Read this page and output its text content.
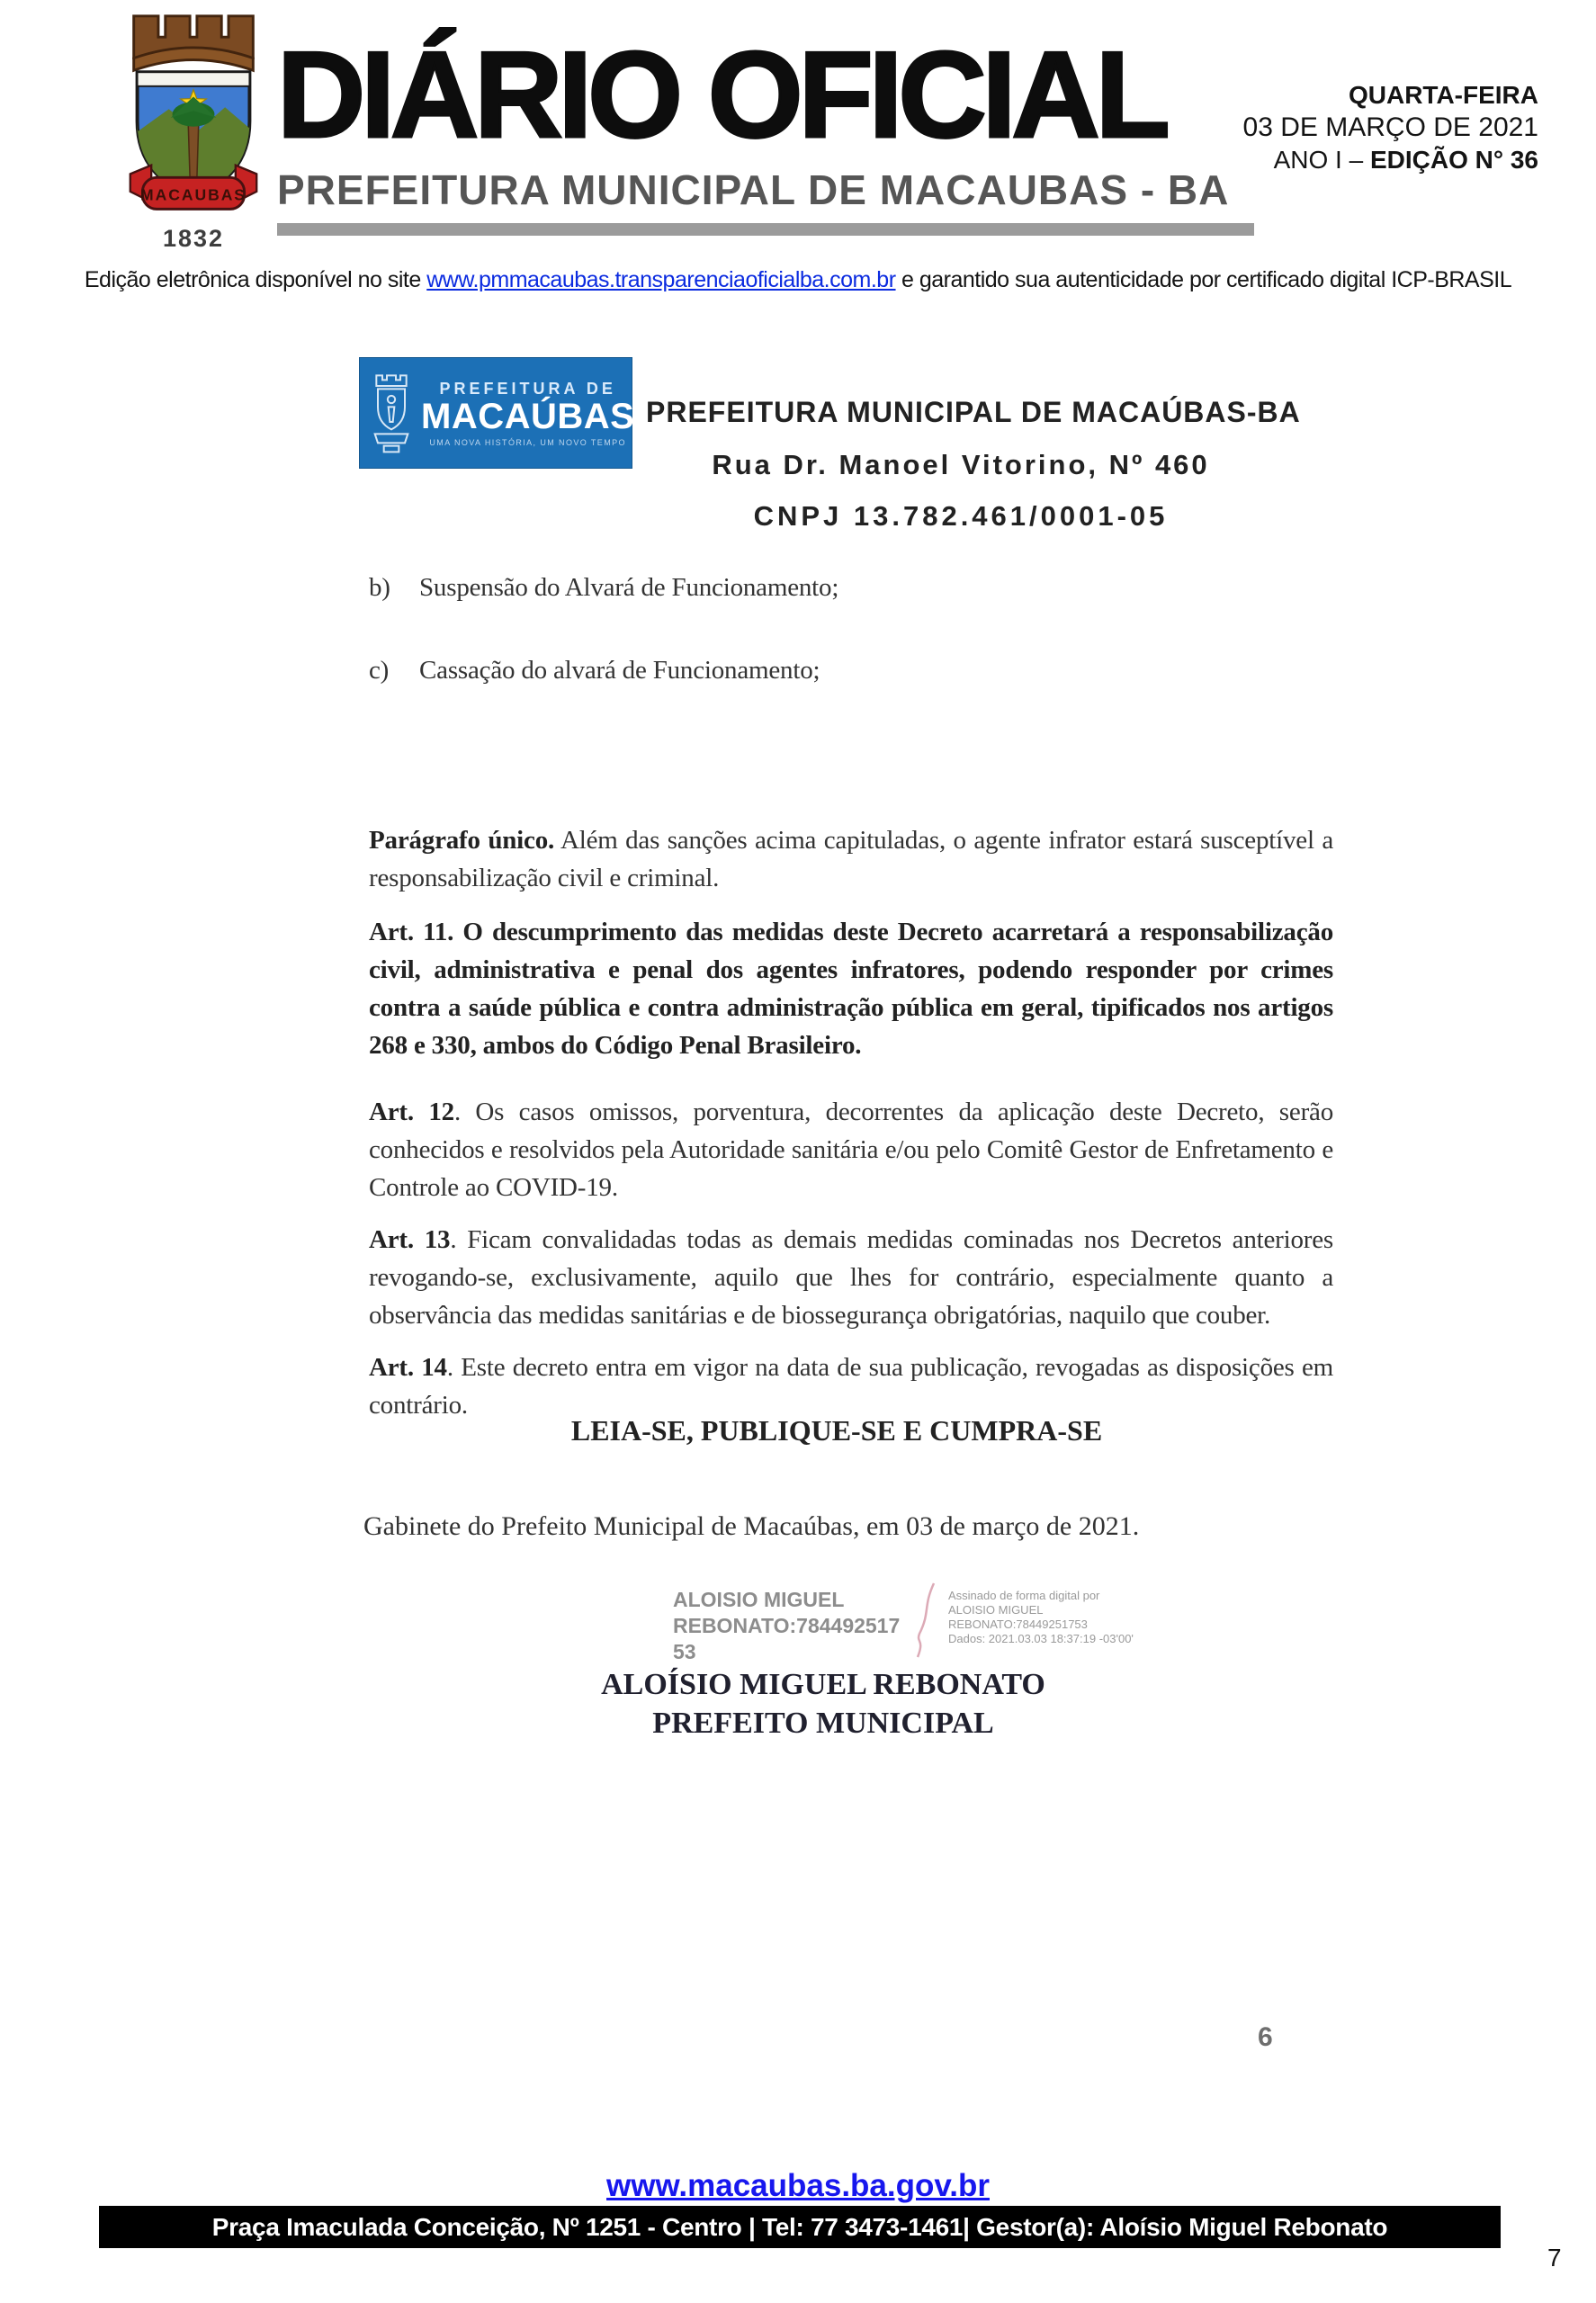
MACAUBAS
1832
DIÁRIO OFICIAL
PREFEITURA MUNICIPAL DE MACAUBAS - BA
QUARTA-FEIRA
03 DE MARÇO DE 2021
ANO I – EDIÇÃO N° 36
Edição eletrônica disponível no site www.pmmacaubas.transparenciaoficialba.com.br e garantido sua autenticidade por certificado digital ICP-BRASIL
PREFEITURA DE
MACAÚBAS
UMA NOVA HISTÓRIA, UM NOVO TEMPO
PREFEITURA MUNICIPAL DE MACAÚBAS-BA
Rua Dr. Manoel Vitorino, Nº 460
CNPJ 13.782.461/0001-05
b)	Suspensão do Alvará de Funcionamento;
c)	Cassação do alvará de Funcionamento;

Parágrafo único. Além das sanções acima capituladas, o agente infrator estará susceptível a responsabilização civil e criminal.

Art. 11. O descumprimento das medidas deste Decreto acarretará a responsabilização civil, administrativa e penal dos agentes infratores, podendo responder por crimes contra a saúde pública e contra administração pública em geral, tipificados nos artigos 268 e 330, ambos do Código Penal Brasileiro.

Art. 12. Os casos omissos, porventura, decorrentes da aplicação deste Decreto, serão conhecidos e resolvidos pela Autoridade sanitária e/ou pelo Comitê Gestor de Enfretamento e Controle ao COVID-19.

Art. 13. Ficam convalidadas todas as demais medidas cominadas nos Decretos anteriores revogando-se, exclusivamente, aquilo que lhes for contrário, especialmente quanto a observância das medidas sanitárias e de biossegurança obrigatórias, naquilo que couber.

Art. 14. Este decreto entra em vigor na data de sua publicação, revogadas as disposições em contrário.

LEIA-SE, PUBLIQUE-SE E CUMPRA-SE
Gabinete do Prefeito Municipal de Macaúbas, em 03 de março de 2021.
ALOISIO MIGUEL
REBONATO:784492517
53
Assinado de forma digital por
ALOISIO MIGUEL
REBONATO:78449251753
Dados: 2021.03.03 18:37:19 -03'00'
ALOÍSIO MIGUEL REBONATO
PREFEITO MUNICIPAL
6
www.macaubas.ba.gov.br
Praça Imaculada Conceição, Nº 1251 - Centro | Tel: 77 3473-1461| Gestor(a): Aloísio Miguel Rebonato
7
